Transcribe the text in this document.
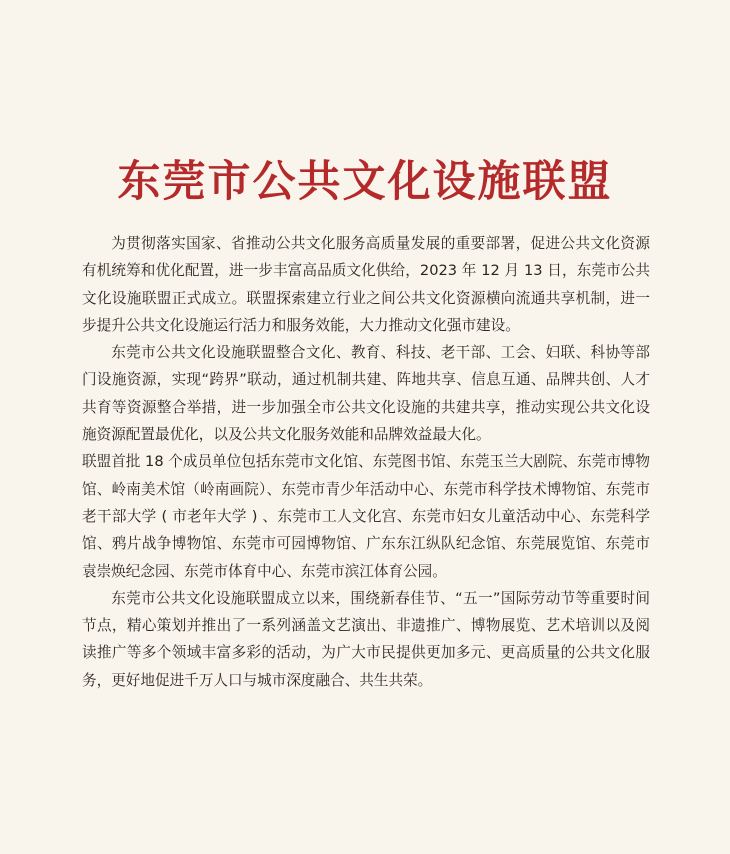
东莞市公共文化设施联盟

为贯彻落实国家、省推动公共文化服务高质量发展的重要部署，促进公共文化资源有机统筹和优化配置，进一步丰富高品质文化供给，2023 年 12 月 13 日，东莞市公共文化设施联盟正式成立。联盟探索建立行业之间公共文化资源横向流通共享机制，进一步提升公共文化设施运行活力和服务效能，大力推动文化强市建设。

东莞市公共文化设施联盟整合文化、教育、科技、老干部、工会、妇联、科协等部门设施资源，实现“跨界”联动，通过机制共建、阵地共享、信息互通、品牌共创、人才共育等资源整合举措，进一步加强全市公共文化设施的共建共享，推动实现公共文化设施资源配置最优化，以及公共文化服务效能和品牌效益最大化。

联盟首批 18 个成员单位包括东莞市文化馆、东莞图书馆、东莞玉兰大剧院、东莞市博物馆、岭南美术馆（岭南画院）、东莞市青少年活动中心、东莞市科学技术博物馆、东莞市老干部大学 ( 市老年大学 ) 、东莞市工人文化宫、东莞市妇女儿童活动中心、东莞科学馆、鸦片战争博物馆、东莞市可园博物馆、广东东江纵队纪念馆、东莞展览馆、东莞市袁崇焕纪念园、东莞市体育中心、东莞市滨江体育公园。

东莞市公共文化设施联盟成立以来，围绕新春佳节、“五一”国际劳动节等重要时间节点，精心策划并推出了一系列涵盖文艺演出、非遗推广、博物展览、艺术培训以及阅读推广等多个领域丰富多彩的活动，为广大市民提供更加多元、更高质量的公共文化服务，更好地促进千万人口与城市深度融合、共生共荣。
